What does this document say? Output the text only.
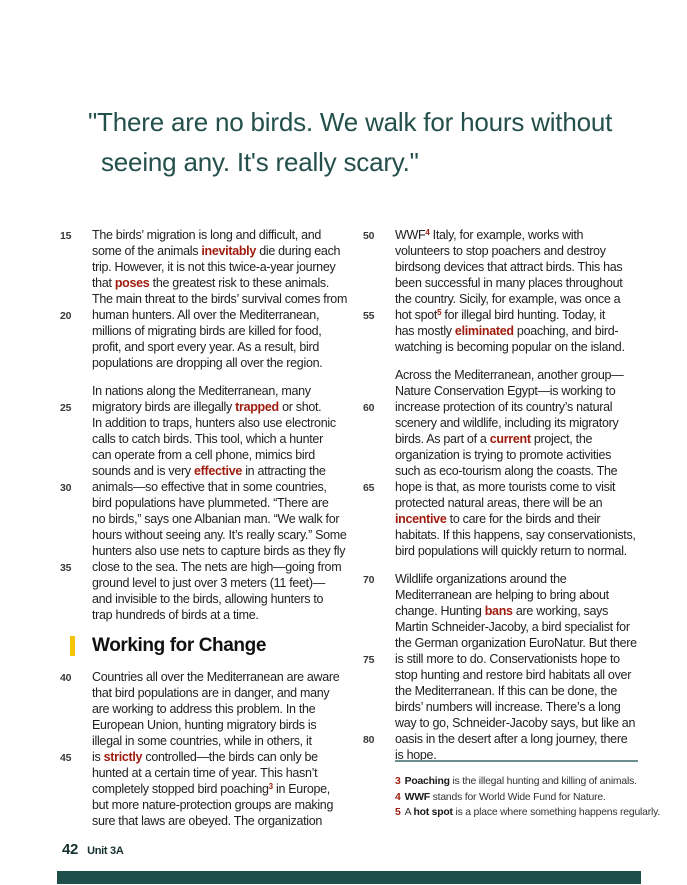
"There are no birds. We walk for hours without
seeing any. It's really scary."
15	The birds’ migration is long and difficult, and
some of the animals inevitably die during each
trip. However, it is not this twice-a-year journey
that poses the greatest risk to these animals.
The main threat to the birds’ survival comes from
20	human hunters. All over the Mediterranean,
millions of migrating birds are killed for food,
profit, and sport every year. As a result, bird
populations are dropping all over the region.
In nations along the Mediterranean, many
25	migratory birds are illegally trapped or shot.
In addition to traps, hunters also use electronic
calls to catch birds. This tool, which a hunter
can operate from a cell phone, mimics bird
sounds and is very effective in attracting the
30	animals—so effective that in some countries,
bird populations have plummeted. “There are
no birds,” says one Albanian man. “We walk for
hours without seeing any. It’s really scary.” Some
hunters also use nets to capture birds as they fly
35	close to the sea. The nets are high—going from
ground level to just over 3 meters (11 feet)—
and invisible to the birds, allowing hunters to
trap hundreds of birds at a time.
Working for Change
40	Countries all over the Mediterranean are aware
that bird populations are in danger, and many
are working to address this problem. In the
European Union, hunting migratory birds is
illegal in some countries, while in others, it
45	is strictly controlled—the birds can only be
hunted at a certain time of year. This hasn’t
completely stopped bird poaching$^3$ in Europe,
but more nature-protection groups are making
sure that laws are obeyed. The organization
50	WWF$^4$ Italy, for example, works with
volunteers to stop poachers and destroy
birdsong devices that attract birds. This has
been successful in many places throughout
the country. Sicily, for example, was once a
55	hot spot$^5$ for illegal bird hunting. Today, it
has mostly eliminated poaching, and bird-
watching is becoming popular on the island.
Across the Mediterranean, another group—
Nature Conservation Egypt—is working to
60	increase protection of its country’s natural
scenery and wildlife, including its migratory
birds. As part of a current project, the
organization is trying to promote activities
such as eco-tourism along the coasts. The
65	hope is that, as more tourists come to visit
protected natural areas, there will be an
incentive to care for the birds and their
habitats. If this happens, say conservationists,
bird populations will quickly return to normal.
70	Wildlife organizations around the
Mediterranean are helping to bring about
change. Hunting bans are working, says
Martin Schneider-Jacoby, a bird specialist for
the German organization EuroNatur. But there
75	is still more to do. Conservationists hope to
stop hunting and restore bird habitats all over
the Mediterranean. If this can be done, the
birds’ numbers will increase. There’s a long
way to go, Schneider-Jacoby says, but like an
80	oasis in the desert after a long journey, there
is hope.
3 Poaching is the illegal hunting and killing of animals.
4 WWF stands for World Wide Fund for Nature.
5 A hot spot is a place where something happens regularly.
42 Unit 3A
